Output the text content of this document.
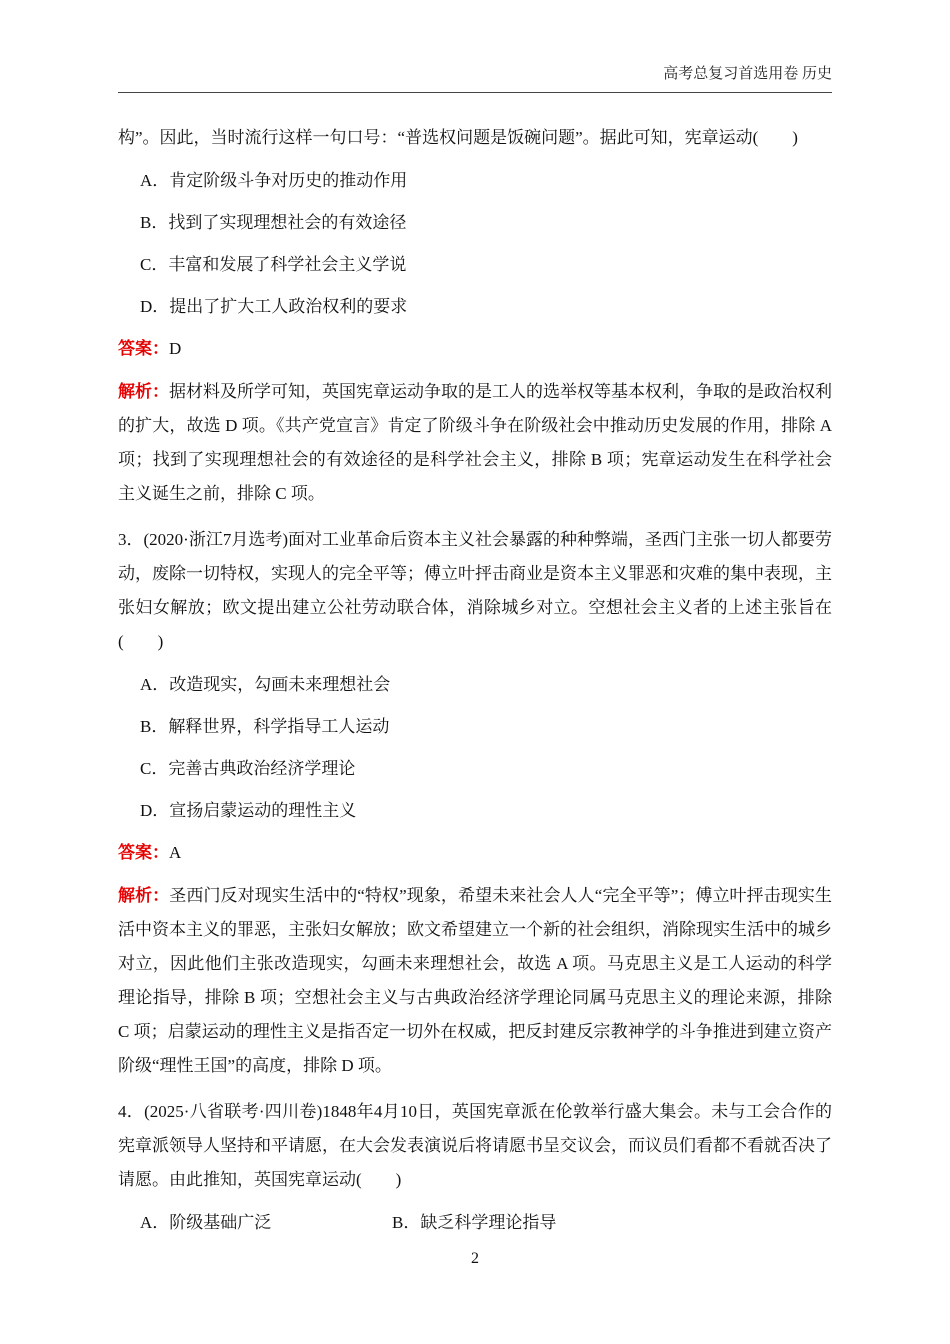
高考总复习首选用卷 历史

构”。因此，当时流行这样一句口号：“普选权问题是饭碗问题”。据此可知，宪章运动(　　)

A．肯定阶级斗争对历史的推动作用

B．找到了实现理想社会的有效途径

C．丰富和发展了科学社会主义学说

D．提出了扩大工人政治权利的要求

答案：D

解析：据材料及所学可知，英国宪章运动争取的是工人的选举权等基本权利，争取的是政治权利的扩大，故选 D 项。《共产党宣言》肯定了阶级斗争在阶级社会中推动历史发展的作用，排除 A 项；找到了实现理想社会的有效途径的是科学社会主义，排除 B 项；宪章运动发生在科学社会主义诞生之前，排除 C 项。

3．(2020·浙江7月选考)面对工业革命后资本主义社会暴露的种种弊端，圣西门主张一切人都要劳动，废除一切特权，实现人的完全平等；傅立叶抨击商业是资本主义罪恶和灾难的集中表现，主张妇女解放；欧文提出建立公社劳动联合体，消除城乡对立。空想社会主义者的上述主张旨在(　　)

A．改造现实，勾画未来理想社会

B．解释世界，科学指导工人运动

C．完善古典政治经济学理论

D．宣扬启蒙运动的理性主义

答案：A

解析：圣西门反对现实生活中的“特权”现象，希望未来社会人人“完全平等”；傅立叶抨击现实生活中资本主义的罪恶，主张妇女解放；欧文希望建立一个新的社会组织，消除现实生活中的城乡对立，因此他们主张改造现实，勾画未来理想社会，故选 A 项。马克思主义是工人运动的科学理论指导，排除 B 项；空想社会主义与古典政治经济学理论同属马克思主义的理论来源，排除 C 项；启蒙运动的理性主义是指否定一切外在权威，把反封建反宗教神学的斗争推进到建立资产阶级“理性王国”的高度，排除 D 项。

4．(2025·八省联考·四川卷)1848年4月10日，英国宪章派在伦敦举行盛大集会。未与工会合作的宪章派领导人坚持和平请愿，在大会发表演说后将请愿书呈交议会，而议员们看都不看就否决了请愿。由此推知，英国宪章运动(　　)

A．阶级基础广泛	B．缺乏科学理论指导
2
